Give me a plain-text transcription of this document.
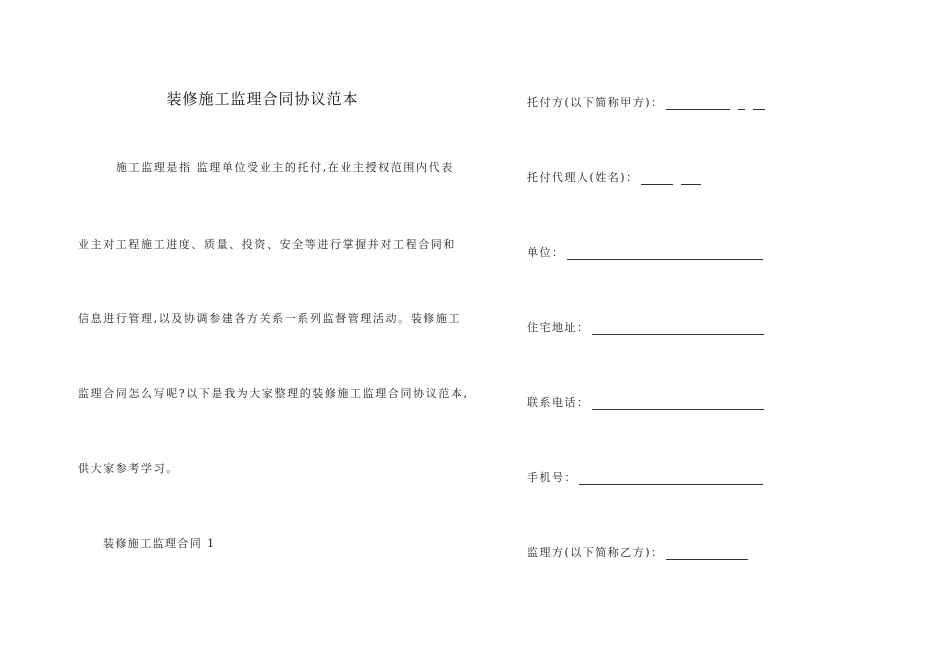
装修施工监理合同协议范本
施工监理是指 监理单位受业主的托付,在业主授权范围内代表
业主对工程施工进度、质量、投资、安全等进行掌握并对工程合同和
信息进行管理,以及协调参建各方关系一系列监督管理活动。装修施工
监理合同怎么写呢?以下是我为大家整理的装修施工监理合同协议范本,
供大家参考学习。
装修施工监理合同 1
托付方(以下简称甲方)：
托付代理人(姓名)：
单位：
住宅地址：
联系电话：
手机号：
监理方(以下简称乙方)：
